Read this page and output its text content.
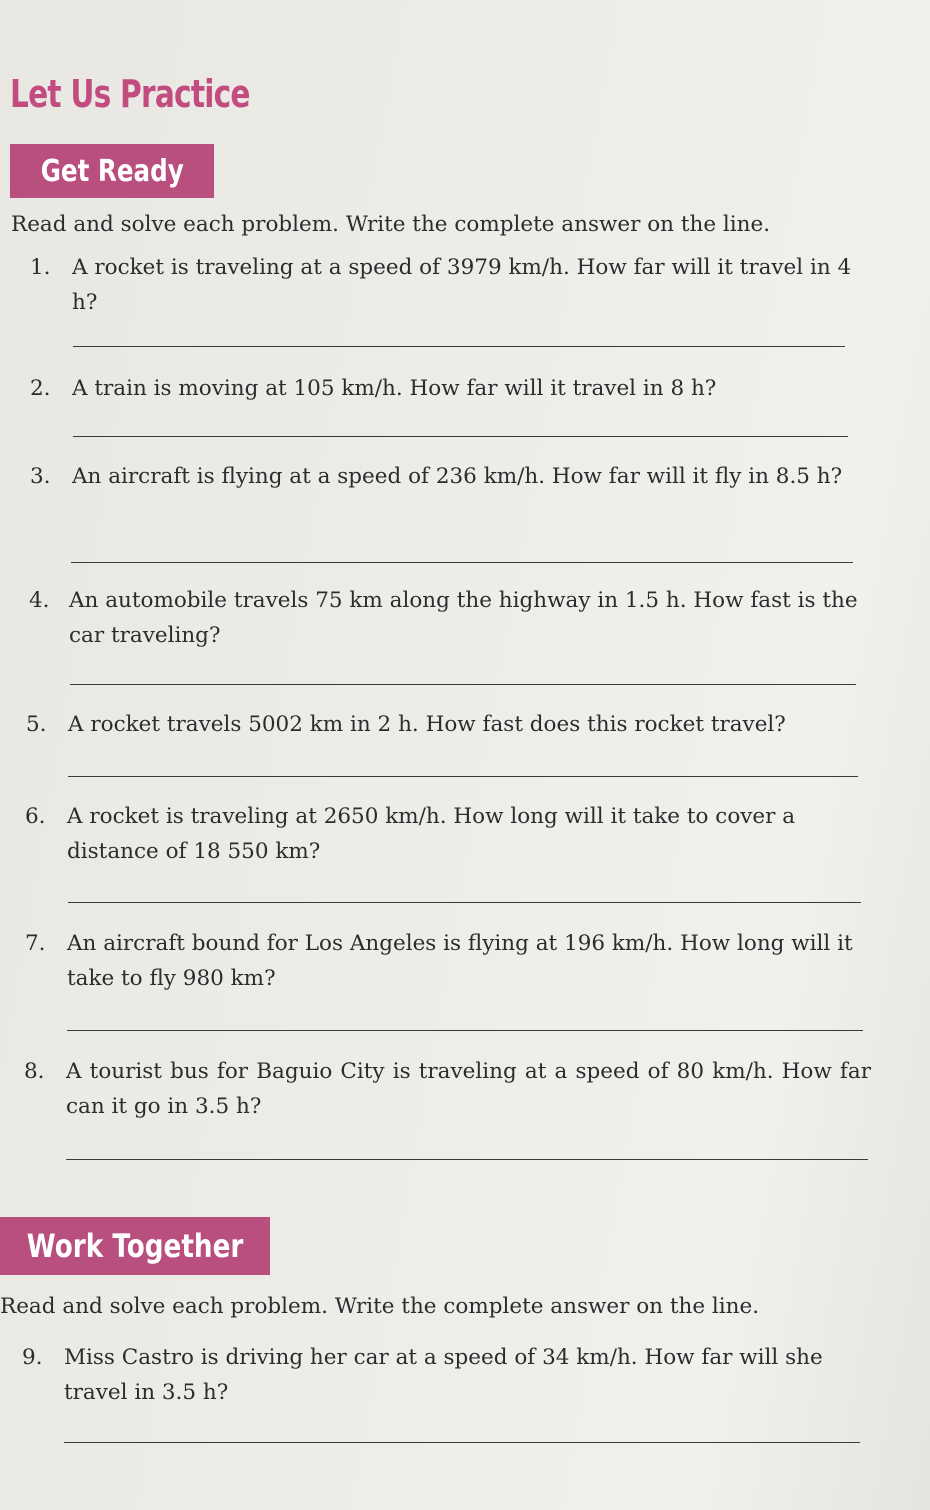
Let Us Practice
Get Ready

Read and solve each problem. Write the complete answer on the line.

1. A rocket is traveling at a speed of 3979 km/h. How far will it travel in 4 h?
2. A train is moving at 105 km/h. How far will it travel in 8 h?
3. An aircraft is flying at a speed of 236 km/h. How far will it fly in 8.5 h?
4. An automobile travels 75 km along the highway in 1.5 h. How fast is the car traveling?
5. A rocket travels 5002 km in 2 h. How fast does this rocket travel?
6. A rocket is traveling at 2650 km/h. How long will it take to cover a distance of 18 550 km?
7. An aircraft bound for Los Angeles is flying at 196 km/h. How long will it take to fly 980 km?
8. A tourist bus for Baguio City is traveling at a speed of 80 km/h. How far can it go in 3.5 h?
Work Together

Read and solve each problem. Write the complete answer on the line.

9. Miss Castro is driving her car at a speed of 34 km/h. How far will she travel in 3.5 h?
